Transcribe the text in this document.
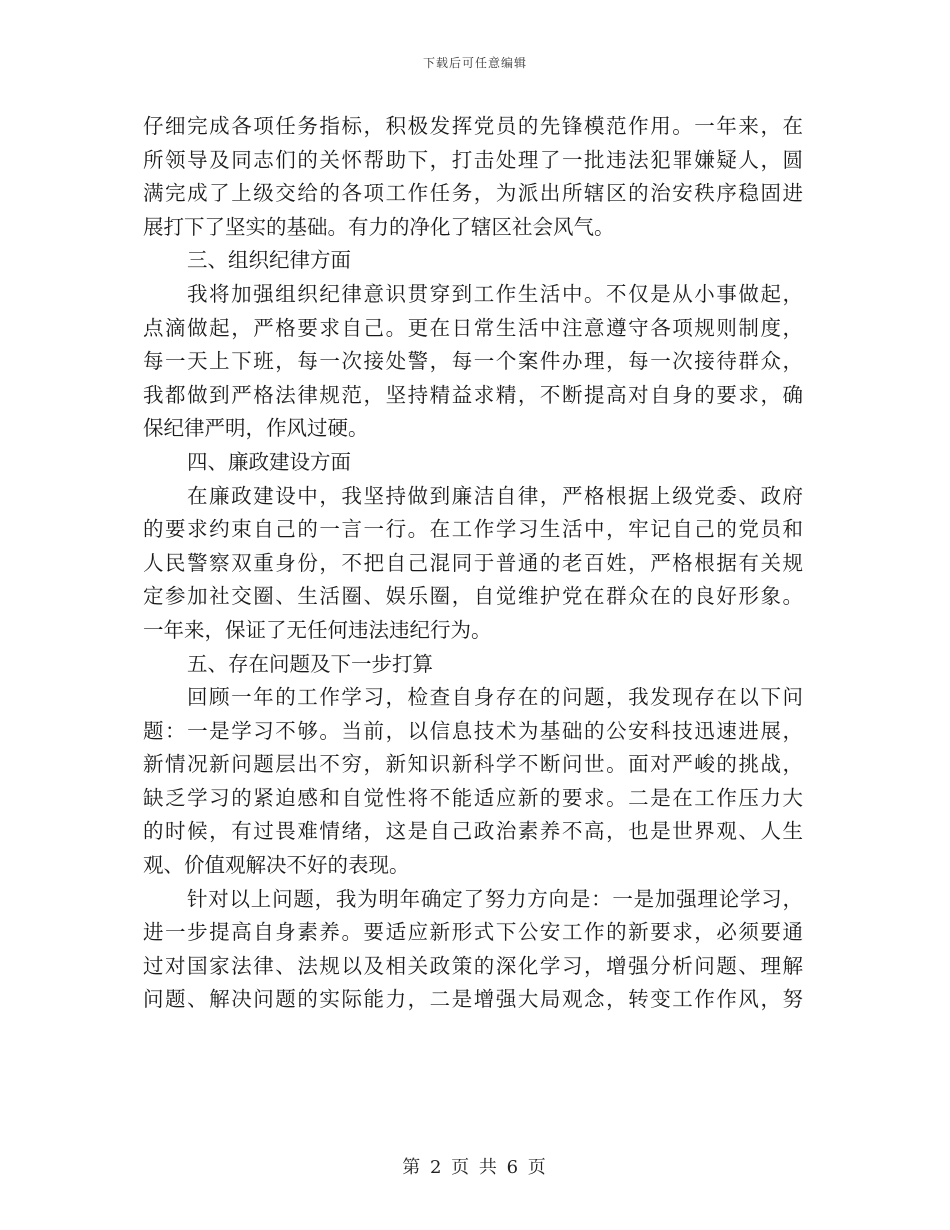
下载后可任意编辑
仔细完成各项任务指标，积极发挥党员的先锋模范作用。一年来，在
所领导及同志们的关怀帮助下，打击处理了一批违法犯罪嫌疑人，圆
满完成了上级交给的各项工作任务，为派出所辖区的治安秩序稳固进
展打下了坚实的基础。有力的净化了辖区社会风气。
三、组织纪律方面
我将加强组织纪律意识贯穿到工作生活中。不仅是从小事做起，
点滴做起，严格要求自己。更在日常生活中注意遵守各项规则制度，
每一天上下班，每一次接处警，每一个案件办理，每一次接待群众，
我都做到严格法律规范，坚持精益求精，不断提高对自身的要求，确
保纪律严明，作风过硬。
四、廉政建设方面
在廉政建设中，我坚持做到廉洁自律，严格根据上级党委、政府
的要求约束自己的一言一行。在工作学习生活中，牢记自己的党员和
人民警察双重身份，不把自己混同于普通的老百姓，严格根据有关规
定参加社交圈、生活圈、娱乐圈，自觉维护党在群众在的良好形象。
一年来，保证了无任何违法违纪行为。
五、存在问题及下一步打算
回顾一年的工作学习，检查自身存在的问题，我发现存在以下问
题：一是学习不够。当前，以信息技术为基础的公安科技迅速进展，
新情况新问题层出不穷，新知识新科学不断问世。面对严峻的挑战，
缺乏学习的紧迫感和自觉性将不能适应新的要求。二是在工作压力大
的时候，有过畏难情绪，这是自己政治素养不高，也是世界观、人生
观、价值观解决不好的表现。
针对以上问题，我为明年确定了努力方向是：一是加强理论学习，
进一步提高自身素养。要适应新形式下公安工作的新要求，必须要通
过对国家法律、法规以及相关政策的深化学习，增强分析问题、理解
问题、解决问题的实际能力，二是增强大局观念，转变工作作风，努
第 2 页 共 6 页
